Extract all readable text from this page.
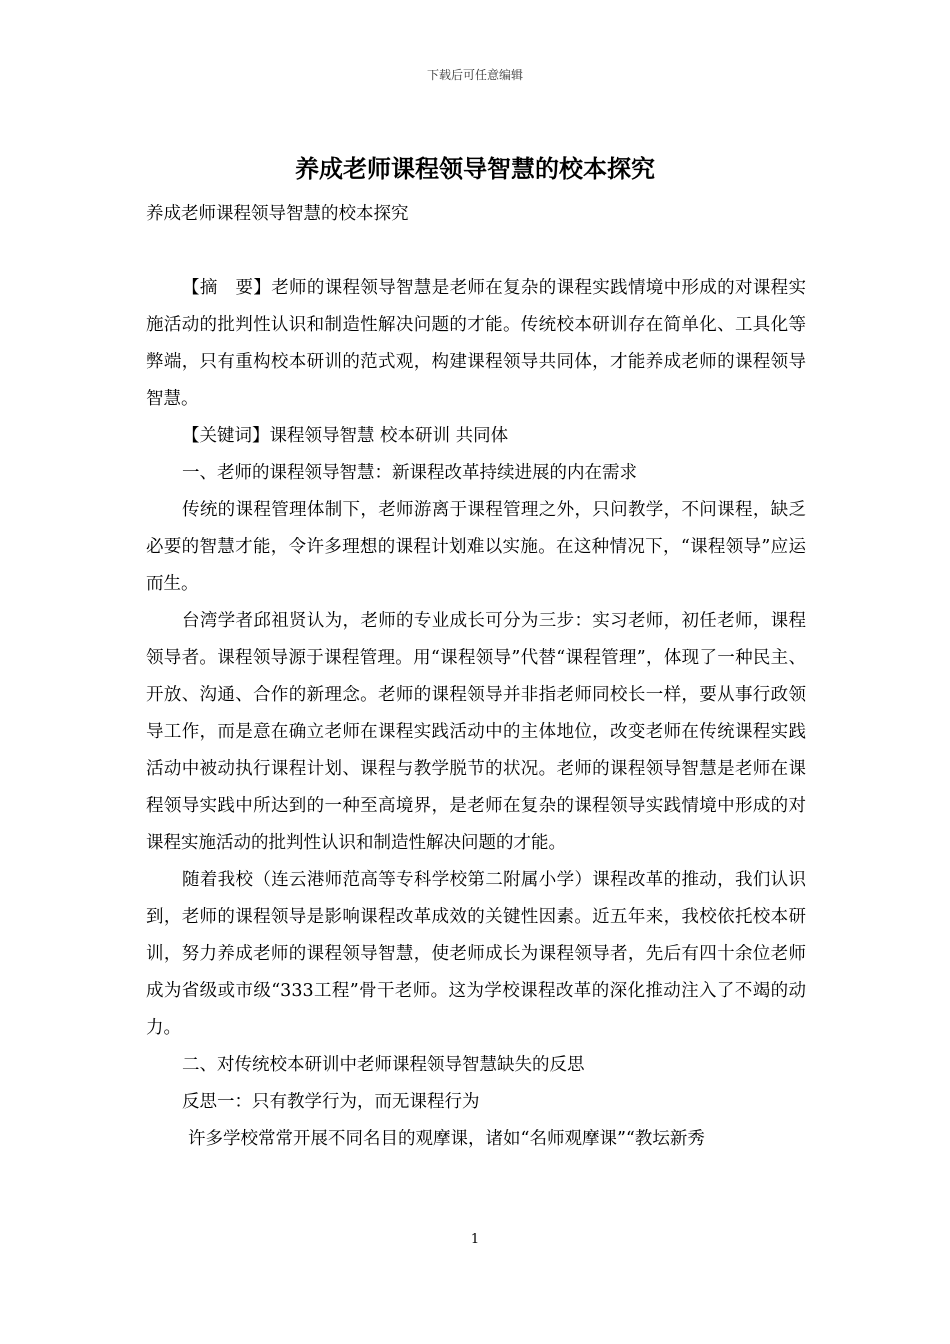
下载后可任意编辑
养成老师课程领导智慧的校本探究

养成老师课程领导智慧的校本探究

【摘　要】老师的课程领导智慧是老师在复杂的课程实践情境中形成的对课程实施活动的批判性认识和制造性解决问题的才能。传统校本研训存在简单化、工具化等弊端，只有重构校本研训的范式观，构建课程领导共同体，才能养成老师的课程领导智慧。

【关键词】课程领导智慧 校本研训 共同体

一、老师的课程领导智慧：新课程改革持续进展的内在需求

传统的课程管理体制下，老师游离于课程管理之外，只问教学，不问课程，缺乏必要的智慧才能，令许多理想的课程计划难以实施。在这种情况下，“课程领导”应运而生。

台湾学者邱祖贤认为，老师的专业成长可分为三步：实习老师，初任老师，课程领导者。课程领导源于课程管理。用“课程领导”代替“课程管理”，体现了一种民主、开放、沟通、合作的新理念。老师的课程领导并非指老师同校长一样，要从事行政领导工作，而是意在确立老师在课程实践活动中的主体地位，改变老师在传统课程实践活动中被动执行课程计划、课程与教学脱节的状况。老师的课程领导智慧是老师在课程领导实践中所达到的一种至高境界，是老师在复杂的课程领导实践情境中形成的对课程实施活动的批判性认识和制造性解决问题的才能。

随着我校（连云港师范高等专科学校第二附属小学）课程改革的推动，我们认识到，老师的课程领导是影响课程改革成效的关键性因素。近五年来，我校依托校本研训，努力养成老师的课程领导智慧，使老师成长为课程领导者，先后有四十余位老师成为省级或市级“333工程”骨干老师。这为学校课程改革的深化推动注入了不竭的动力。

二、对传统校本研训中老师课程领导智慧缺失的反思

反思一：只有教学行为，而无课程行为

许多学校常常开展不同名目的观摩课，诸如“名师观摩课”“教坛新秀

1
